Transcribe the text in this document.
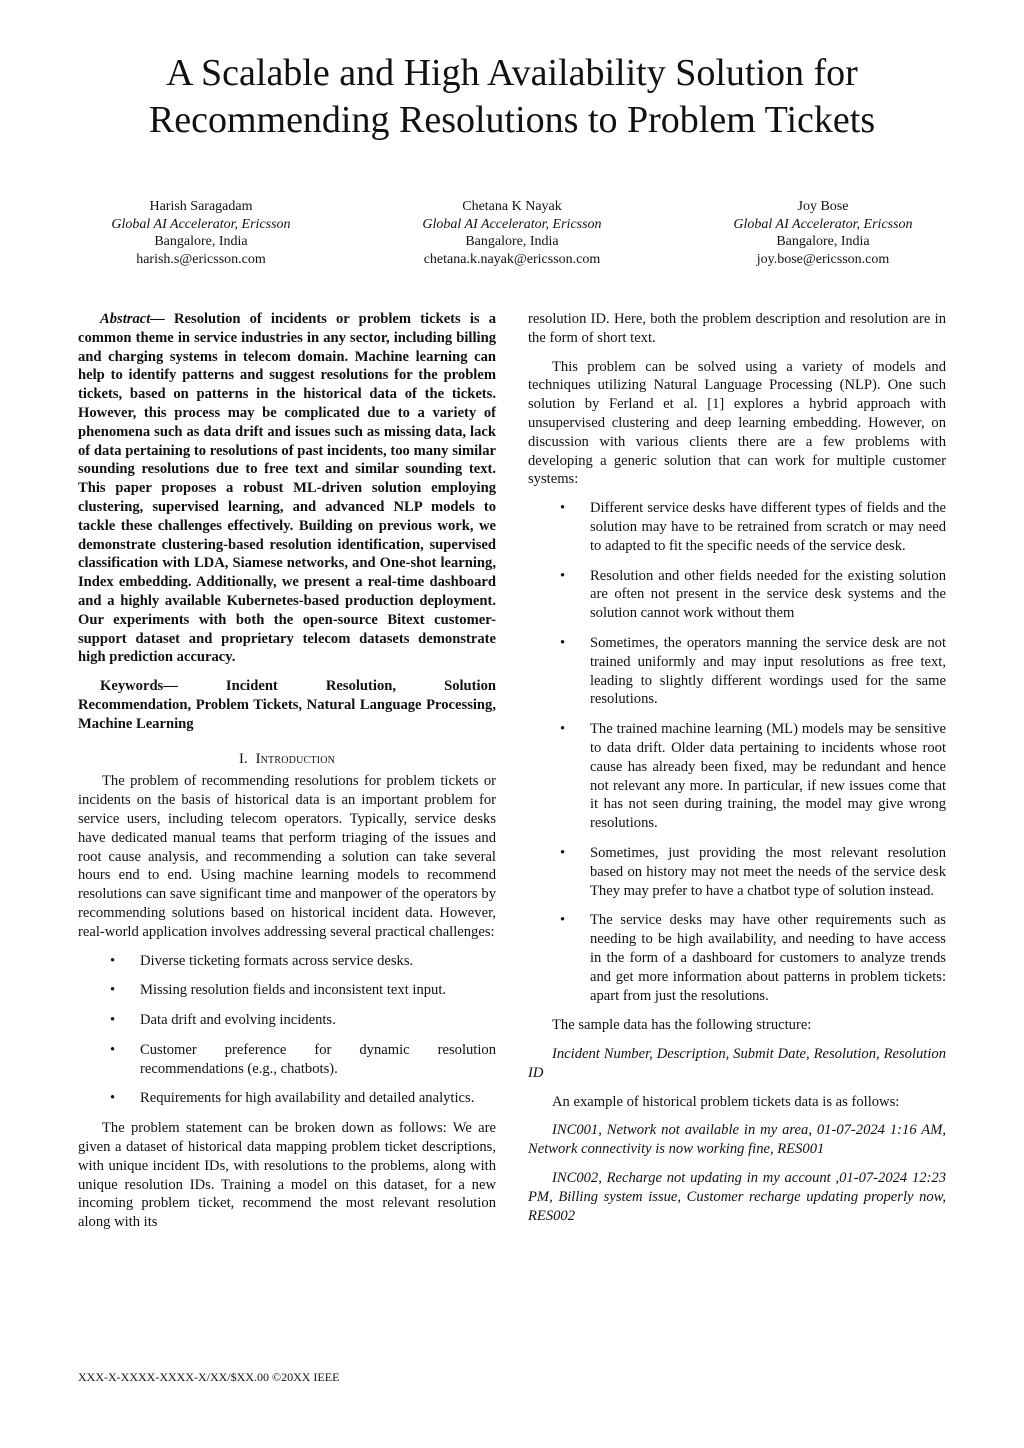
A Scalable and High Availability Solution for
Recommending Resolutions to Problem Tickets
Harish Saragadam
Global AI Accelerator, Ericsson
Bangalore, India
harish.s@ericsson.com
Chetana K Nayak
Global AI Accelerator, Ericsson
Bangalore, India
chetana.k.nayak@ericsson.com
Joy Bose
Global AI Accelerator, Ericsson
Bangalore, India
joy.bose@ericsson.com

Abstract— Resolution of incidents or problem tickets is a common theme in service industries in any sector, including billing and charging systems in telecom domain. Machine learning can help to identify patterns and suggest resolutions for the problem tickets, based on patterns in the historical data of the tickets. However, this process may be complicated due to a variety of phenomena such as data drift and issues such as missing data, lack of data pertaining to resolutions of past incidents, too many similar sounding resolutions due to free text and similar sounding text. This paper proposes a robust ML-driven solution employing clustering, supervised learning, and advanced NLP models to tackle these challenges effectively. Building on previous work, we demonstrate clustering-based resolution identification, supervised classification with LDA, Siamese networks, and One-shot learning, Index embedding. Additionally, we present a real-time dashboard and a highly available Kubernetes-based production deployment. Our experiments with both the open-source Bitext customer-support dataset and proprietary telecom datasets demonstrate high prediction accuracy.

Keywords— Incident Resolution, Solution

Recommendation, Problem Tickets, Natural Language Processing, Machine Learning

I. Introduction

The problem of recommending resolutions for problem tickets or incidents on the basis of historical data is an important problem for service users, including telecom operators. Typically, service desks have dedicated manual teams that perform triaging of the issues and root cause analysis, and recommending a solution can take several hours end to end. Using machine learning models to recommend resolutions can save significant time and manpower of the operators by recommending solutions based on historical incident data. However, real-world application involves addressing several practical challenges:

• Diverse ticketing formats across service desks.
• Missing resolution fields and inconsistent text input.
• Data drift and evolving incidents.
• Customer preference for dynamic resolution recommendations (e.g., chatbots).
• Requirements for high availability and detailed analytics.

The problem statement can be broken down as follows: We are given a dataset of historical data mapping problem ticket descriptions, with unique incident IDs, with resolutions to the problems, along with unique resolution IDs. Training a model on this dataset, for a new incoming problem ticket, recommend the most relevant resolution along with its

resolution ID. Here, both the problem description and resolution are in the form of short text.

This problem can be solved using a variety of models and techniques utilizing Natural Language Processing (NLP). One such solution by Ferland et al. [1] explores a hybrid approach with unsupervised clustering and deep learning embedding. However, on discussion with various clients there are a few problems with developing a generic solution that can work for multiple customer systems:

• Different service desks have different types of fields and the solution may have to be retrained from scratch or may need to adapted to fit the specific needs of the service desk.
• Resolution and other fields needed for the existing solution are often not present in the service desk systems and the solution cannot work without them
• Sometimes, the operators manning the service desk are not trained uniformly and may input resolutions as free text, leading to slightly different wordings used for the same resolutions.
• The trained machine learning (ML) models may be sensitive to data drift. Older data pertaining to incidents whose root cause has already been fixed, may be redundant and hence not relevant any more. In particular, if new issues come that it has not seen during training, the model may give wrong resolutions.
• Sometimes, just providing the most relevant resolution based on history may not meet the needs of the service desk They may prefer to have a chatbot type of solution instead.
• The service desks may have other requirements such as needing to be high availability, and needing to have access in the form of a dashboard for customers to analyze trends and get more information about patterns in problem tickets: apart from just the resolutions.

The sample data has the following structure:

Incident Number, Description, Submit Date, Resolution, Resolution ID

An example of historical problem tickets data is as follows:

INC001, Network not available in my area, 01-07-2024 1:16 AM, Network connectivity is now working fine, RES001

INC002, Recharge not updating in my account ,01-07-2024 12:23 PM, Billing system issue, Customer recharge updating properly now, RES002

XXX-X-XXXX-XXXX-X/XX/$XX.00 ©20XX IEEE
